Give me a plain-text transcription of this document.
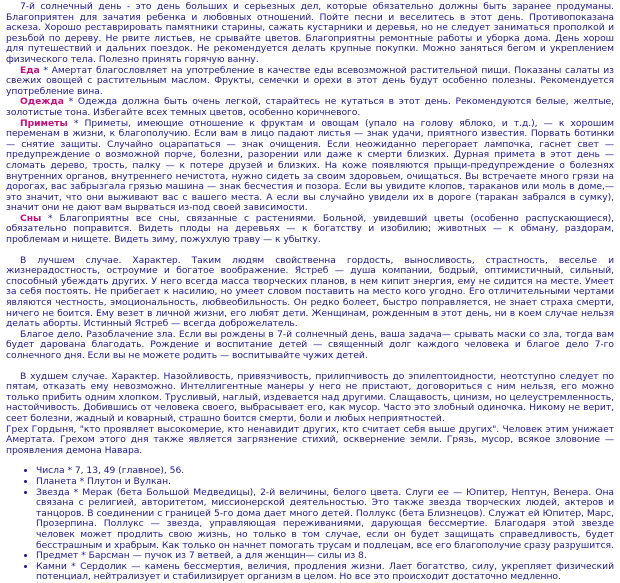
7-й солнечный день - это день больших и серьезных дел, которые обязательно должны быть заранее продуманы. Благоприятен для зачатия ребенка и любовных отношений. Пойте песни и веселитесь в этот день. Противопоказана аскеза. Хорошо реставрировать памятники старины, сажать кустарники и деревья, но не следует заниматься прополкой и резьбой по дереву. Не рвите листьев, не срывайте цветов. Благоприятны ремонтные работы и уборка дома. День хорош для путешествий и дальних поездок. Не рекомендуется делать крупные покупки. Можно заняться бегом и укреплением физического тела. Полезно принять горячую ванну.

Еда * Амертат благословляет на употребление в качестве еды всевозможной растительной пищи. Показаны салаты из свежих овощей с растительным маслом. Фрукты, семечки и орехи в этот день будут особенно полезны. Рекомендуется употребление вина.

Одежда * Одежда должна быть очень легкой, старайтесь не кутаться в этот день. Рекомендуются белые, желтые, золотистые тона. Избегайте всех темных цветов, особенно коричневого.

Приметы * Приметы, имеющие отношение к фруктам и овощам (упало на голову яблоко, и т.д.), — к хорошим переменам в жизни, к благополучию. Если вам в лицо падают листья — знак удачи, приятного известия. Порвать ботинки — снятие защиты. Случайно оцарапаться — знак очищения. Если неожиданно перегорает лампочка, гаснет свет — предупреждение о возможной порче, болезни, разорении или даже к смерти близких. Дурная примета в этот день — сломать дерево, трость, палку — к потере друзей и близких. На коже появляются прыщи-предупреждение о болезнях внутренних органов, внутреннего нечистота, нужно сидеть за своим здоровьем, очищаться. Вы встречаете много грязи на дорогах, вас забрызгала грязью машина — знак бесчестия и позора. Если вы увидите клопов, тараканов или моль в доме,— это значит, что они выживают вас с вашего места. А если вы случайно увидели их в дороге (таракан забрался в сумку), значит они не дают вам вырваться из-под своей зависимости.

Сны * Благоприятны все сны, связанные с растениями. Больной, увидевший цветы (особенно распускающиеся), обязательно поправится. Видеть плоды на деревьях — к богатству и изобилию; животных — к обману, раздорам, проблемам и нищете. Видеть зиму, пожухлую траву — к убытку.

В лучшем случае. Характер. Таким людям свойственна гордость, выносливость, страстность, веселье и жизнерадостность, остроумие и богатое воображение. Ястреб — душа компании, бодрый, оптимистичный, сильный, способный убеждать других. У него всегда масса творческих планов, в нем кипит энергия, ему не сидится на месте. Умеет за себя постоять. Не прибегает к насилию, но умеет словом поставить на место кого угодно. Его отличительными чертами являются честность, эмоциональность, любвеобильность. Он редко болеет, быстро поправляется, не знает страха смерти, ничего не боится. Ему везет в личной жизни, его любят дети. Женщинам, рожденным в этот день, ни в коем случае нельзя делать аборты. Истинный Ястреб — всегда доброжелатель.

Благое дело. Разоблачение зла. Если вы рождены в 7-й солнечный день, ваша задача— срывать маски со зла, тогда вам будет дарована благодать. Рождение и воспитание детей — священный долг каждого человека и благое дело 7-го солнечного дня. Если вы не можете родить — воспитывайте чужих детей.

В худшем случае. Характер. Назойливость, привязчивость, прилипчивость до эпилептоидности, неотступно следует по пятам, отказать ему невозможно. Интеллигентные манеры у него не пристают, договориться с ним нельзя, его можно только прибить одним хлопком. Трусливый, наглый, издевается над другими. Слащавость, цинизм, но целеустремленность, настойчивость. Добившись от человека своего, выбрасывает его, как мусор. Часто это злобный одиночка. Никому не верит, сеет болезни, жадный и коварный, страшно боится смерти, боли и любых неприятностей.

Грех Гордыня, "кто проявляет высокомерие, кто ненавидит других, кто считает себя выше других". Человек этим унижает Амертата. Грехом этого дня также является загрязнение стихий, осквернение земли. Грязь, мусор, всякое зловоние — проявления демона Навара.

• Числа * 7, 13, 49 (главное), 56.
• Планета * Плутон и Вулкан.
• Звезда * Мерак (бета Большой Медведицы), 2-й величины, белого цвета. Слуги ее — Юпитер, Нептун, Венера. Она связана с религией, авторитетом, миссионерской деятельностью. Это также звезда творческих людей, актеров и танцоров. В соединении с границей 5-го дома дает много детей. Поллукс (бета Близнецов). Служат ей Юпитер, Марс, Прозерпина. Поллукс — звезда, управляющая переживаниями, дарующая бессмертие. Благодаря этой звезде человек может продлить свою жизнь, но только в том случае, если он будет защищать справедливость, будет бесстрашным и храбрым. Как только он начнет помогать трусам и подлецам, все его благополучие сразу разрушится.
• Предмет * Барсман — пучок из 7 ветвей, а для женщин— силы из 8.
• Камни * Сердолик — камень бессмертия, величия, продления жизни. Лает богатство, силу, укрепляет физический потенциал, нейтрализует и стабилизирует организм в целом. Но все это происходит достаточно медленно.
